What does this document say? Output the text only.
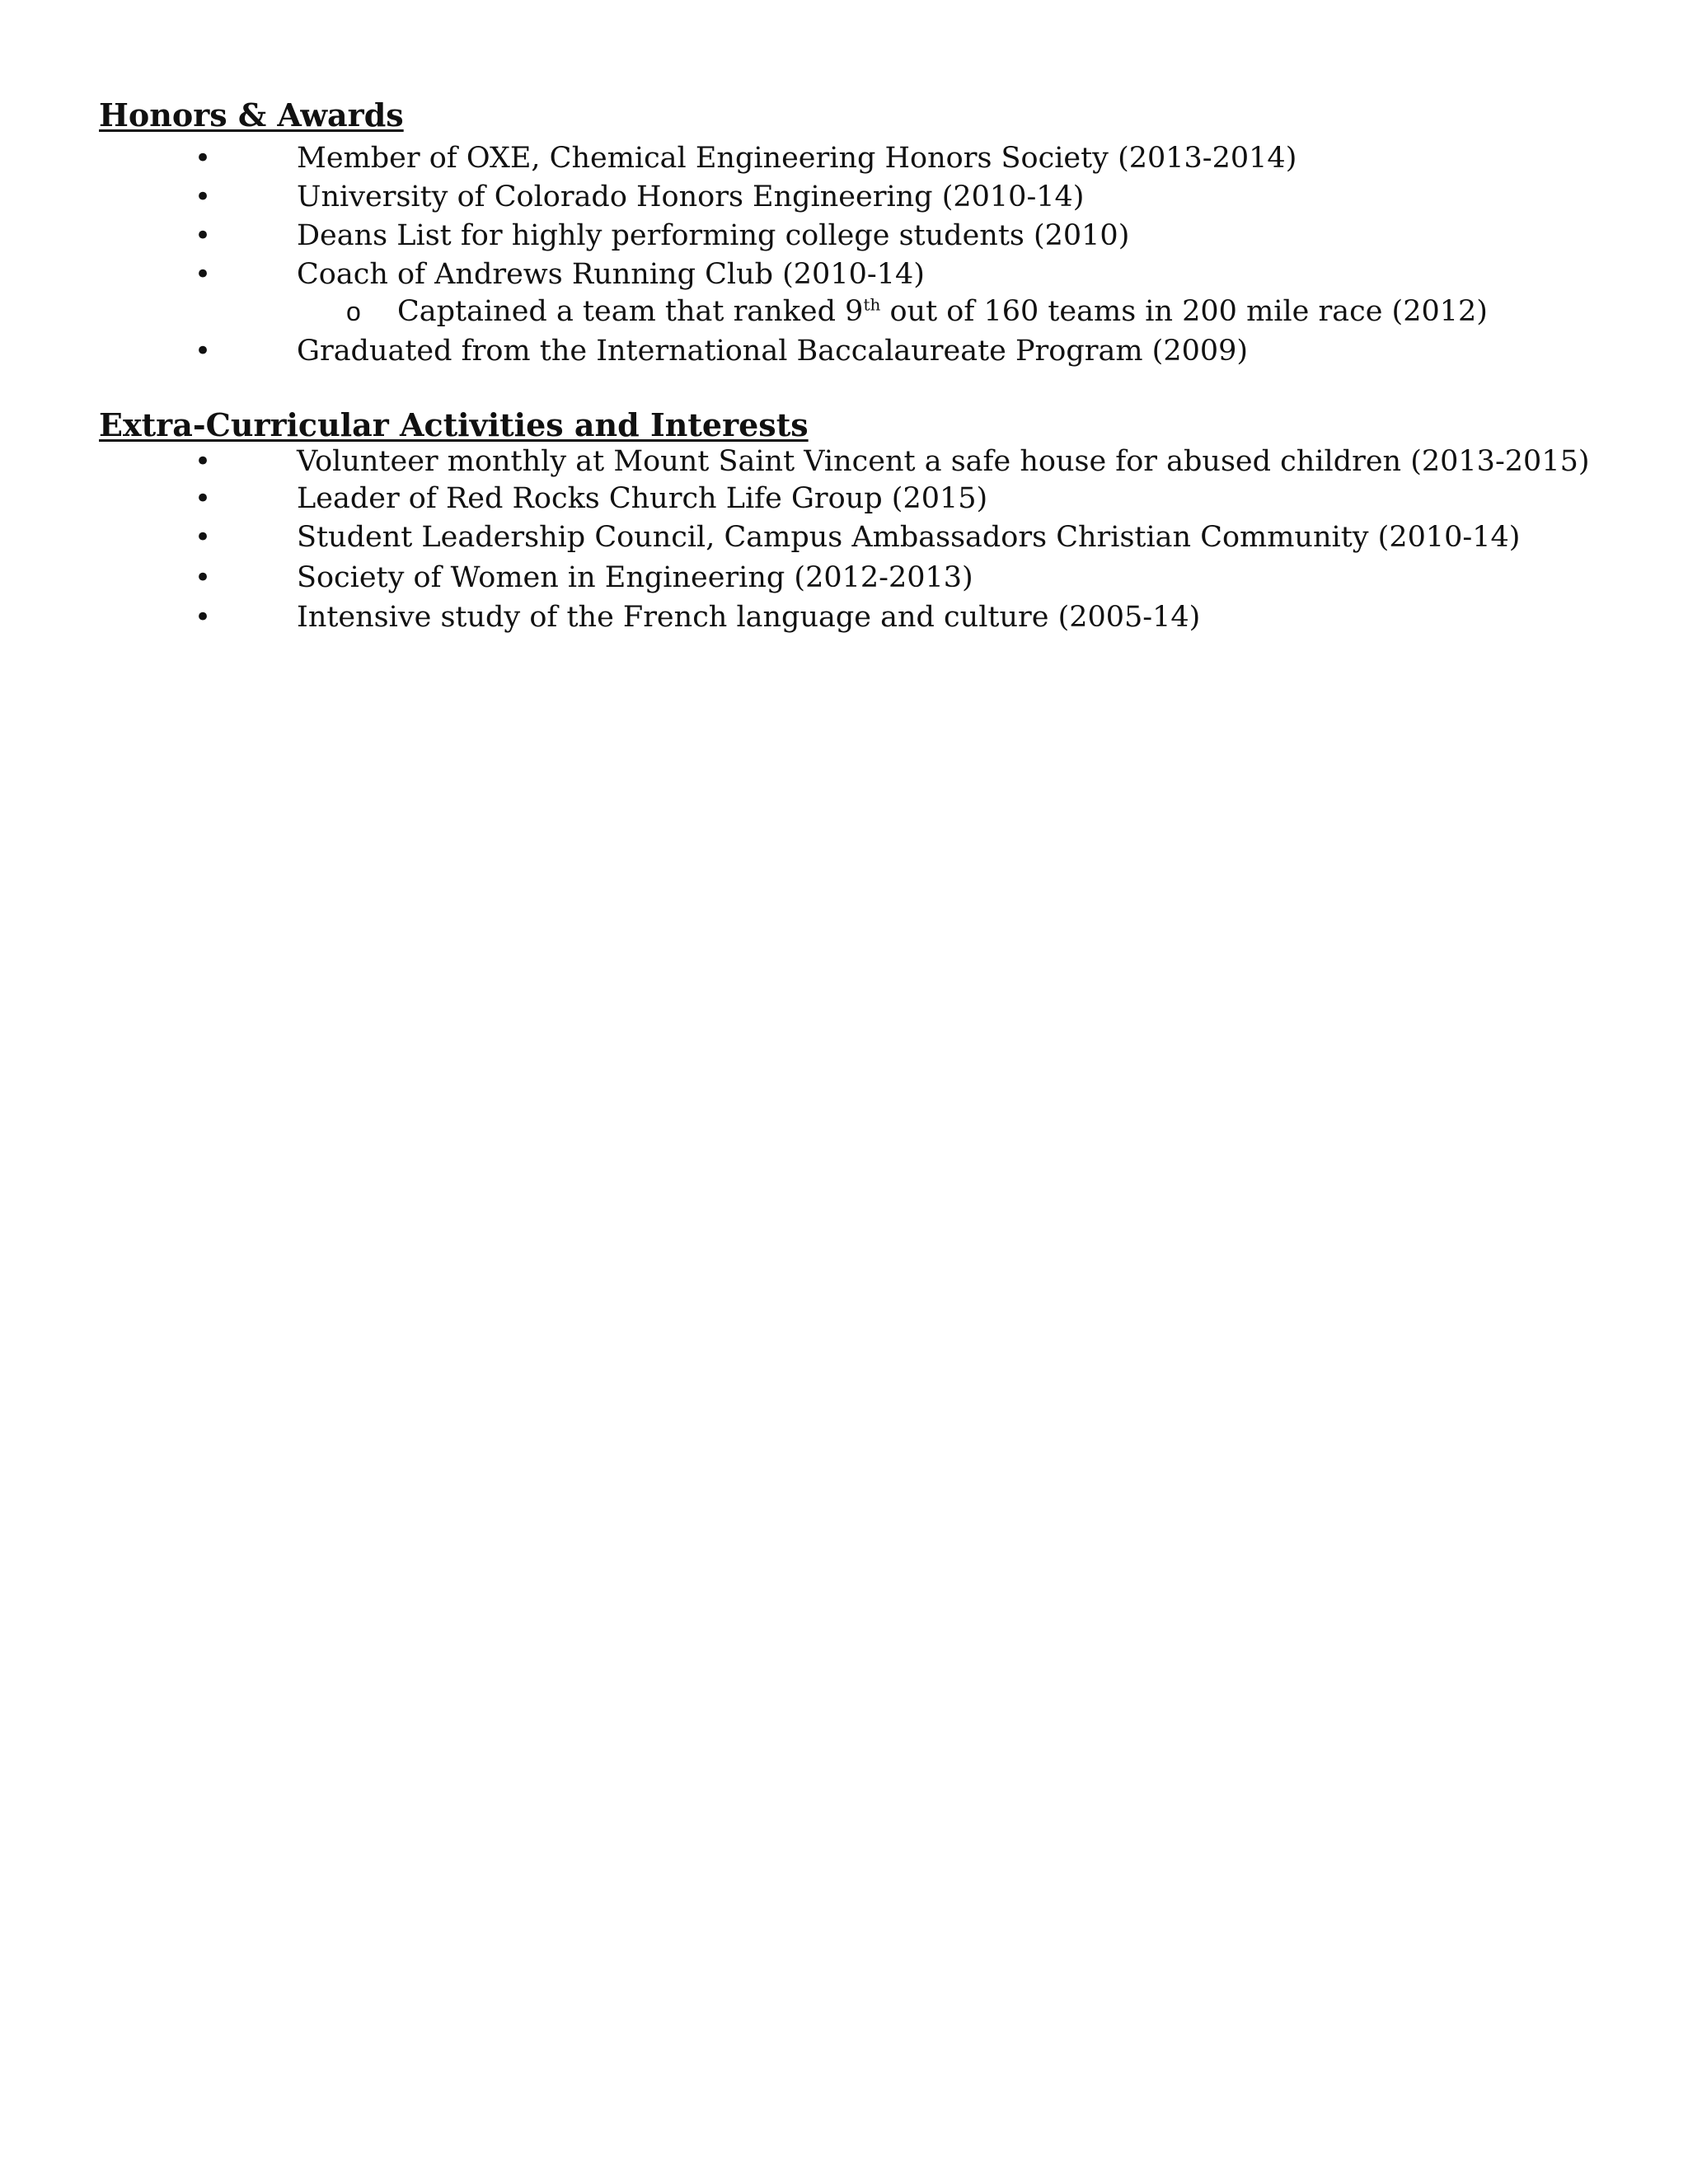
Honors & Awards
•	Member of OXE, Chemical Engineering Honors Society (2013-2014)
•	University of Colorado Honors Engineering (2010-14)
•	Deans List for highly performing college students (2010)
•	Coach of Andrews Running Club (2010-14)
o Captained a team that ranked 9th out of 160 teams in 200 mile race (2012)
•	Graduated from the International Baccalaureate Program (2009)
Extra-Curricular Activities and Interests
•	Volunteer monthly at Mount Saint Vincent a safe house for abused children (2013-2015)
•	Leader of Red Rocks Church Life Group (2015)
•	Student Leadership Council, Campus Ambassadors Christian Community (2010-14)
•	Society of Women in Engineering (2012-2013)
•	Intensive study of the French language and culture (2005-14)
